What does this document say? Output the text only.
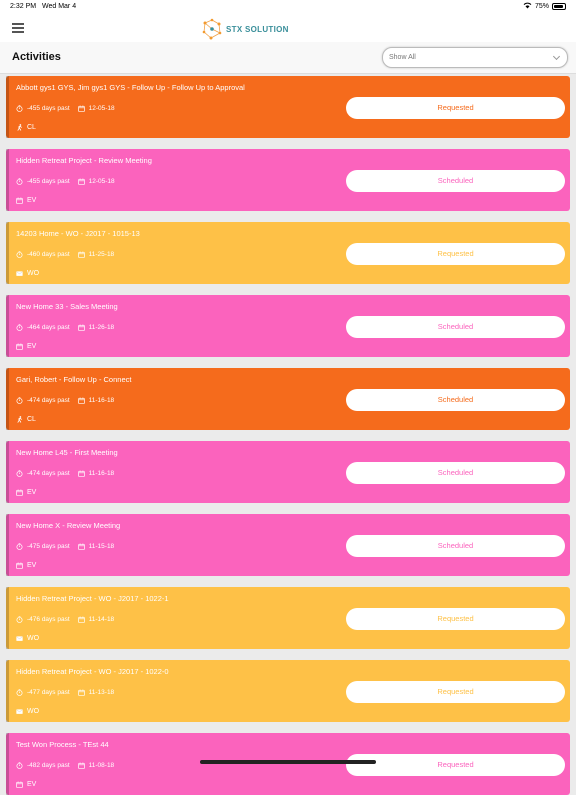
2:32 PM Wed Mar 4	75%
STX SOLUTION
Activities	Show All
Abbott gys1 GYS, Jim gys1 GYS - Follow Up - Follow Up to Approval
-455 days past	12-05-18
CL
Requested
Hidden Retreat Project - Review Meeting
-455 days past	12-05-18
EV
Scheduled
14203 Home - WO - J2017 - 1015-13
-460 days past	11-25-18
WO
Requested
New Home 33 - Sales Meeting
-464 days past	11-26-18
EV
Scheduled
Gari, Robert - Follow Up - Connect
-474 days past	11-16-18
CL
Scheduled
New Home L45 - First Meeting
-474 days past	11-16-18
EV
Scheduled
New Home X - Review Meeting
-475 days past	11-15-18
EV
Scheduled
Hidden Retreat Project - WO - J2017 - 1022-1
-476 days past	11-14-18
WO
Requested
Hidden Retreat Project - WO - J2017 - 1022-0
-477 days past	11-13-18
WO
Requested
Test Won Process - TEst 44
-482 days past	11-08-18
EV
Requested
